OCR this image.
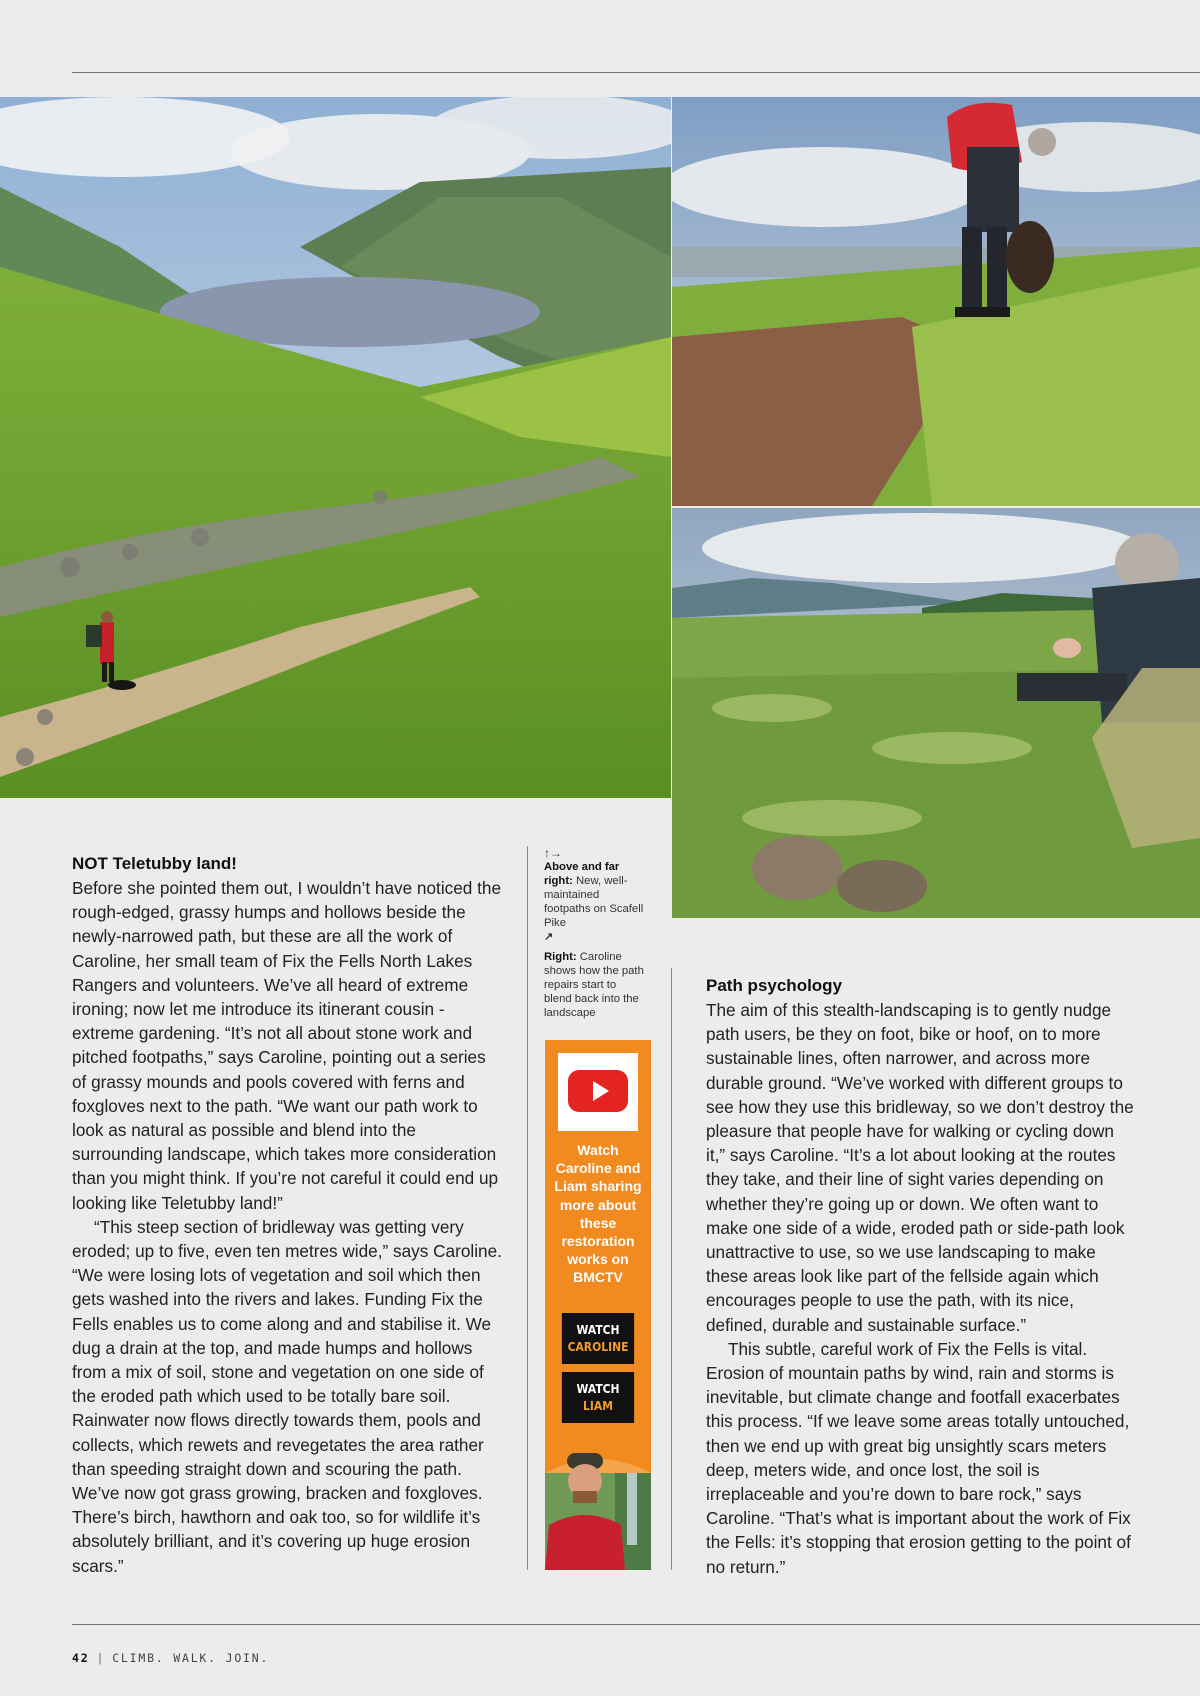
NOT Teletubby land!

Before she pointed them out, I wouldn’t have noticed the rough-edged, grassy humps and hollows beside the newly-narrowed path, but these are all the work of Caroline, her small team of Fix the Fells North Lakes Rangers and volunteers. We’ve all heard of extreme ironing; now let me introduce its itinerant cousin - extreme gardening. “It’s not all about stone work and pitched footpaths,” says Caroline, pointing out a series of grassy mounds and pools covered with ferns and foxgloves next to the path. “We want our path work to look as natural as possible and blend into the surrounding landscape, which takes more consideration than you might think. If you’re not careful it could end up looking like Teletubby land!”

“This steep section of bridleway was getting very eroded; up to five, even ten metres wide,” says Caroline. “We were losing lots of vegetation and soil which then gets washed into the rivers and lakes. Funding Fix the Fells enables us to come along and and stabilise it. We dug a drain at the top, and made humps and hollows from a mix of soil, stone and vegetation on one side of the eroded path which used to be totally bare soil. Rainwater now flows directly towards them, pools and collects, which rewets and revegetates the area rather than speeding straight down and scouring the path. We’ve now got grass growing, bracken and foxgloves. There’s birch, hawthorn and oak too, so for wildlife it’s absolutely brilliant, and it’s covering up huge erosion scars.”

↑→
Above and far right: New, well-maintained footpaths on Scafell Pike
↗
Right: Caroline shows how the path repairs start to blend back into the landscape
Watch Caroline and Liam sharing more about these restoration works on BMCTV
WATCH
CAROLINE
WATCH
LIAM
Path psychology

The aim of this stealth-landscaping is to gently nudge path users, be they on foot, bike or hoof, on to more sustainable lines, often narrower, and across more durable ground. “We’ve worked with different groups to see how they use this bridleway, so we don’t destroy the pleasure that people have for walking or cycling down it,” says Caroline. “It’s a lot about looking at the routes they take, and their line of sight varies depending on whether they’re going up or down. We often want to make one side of a wide, eroded path or side-path look unattractive to use, so we use landscaping to make these areas look like part of the fellside again which encourages people to use the path, with its nice, defined, durable and sustainable surface.”

This subtle, careful work of Fix the Fells is vital. Erosion of mountain paths by wind, rain and storms is inevitable, but climate change and footfall exacerbates this process. “If we leave some areas totally untouched, then we end up with great big unsightly scars meters deep, meters wide, and once lost, the soil is irreplaceable and you’re down to bare rock,” says Caroline. “That’s what is important about the work of Fix the Fells: it’s stopping that erosion getting to the point of no return.”

42 | CLIMB. WALK. JOIN.
